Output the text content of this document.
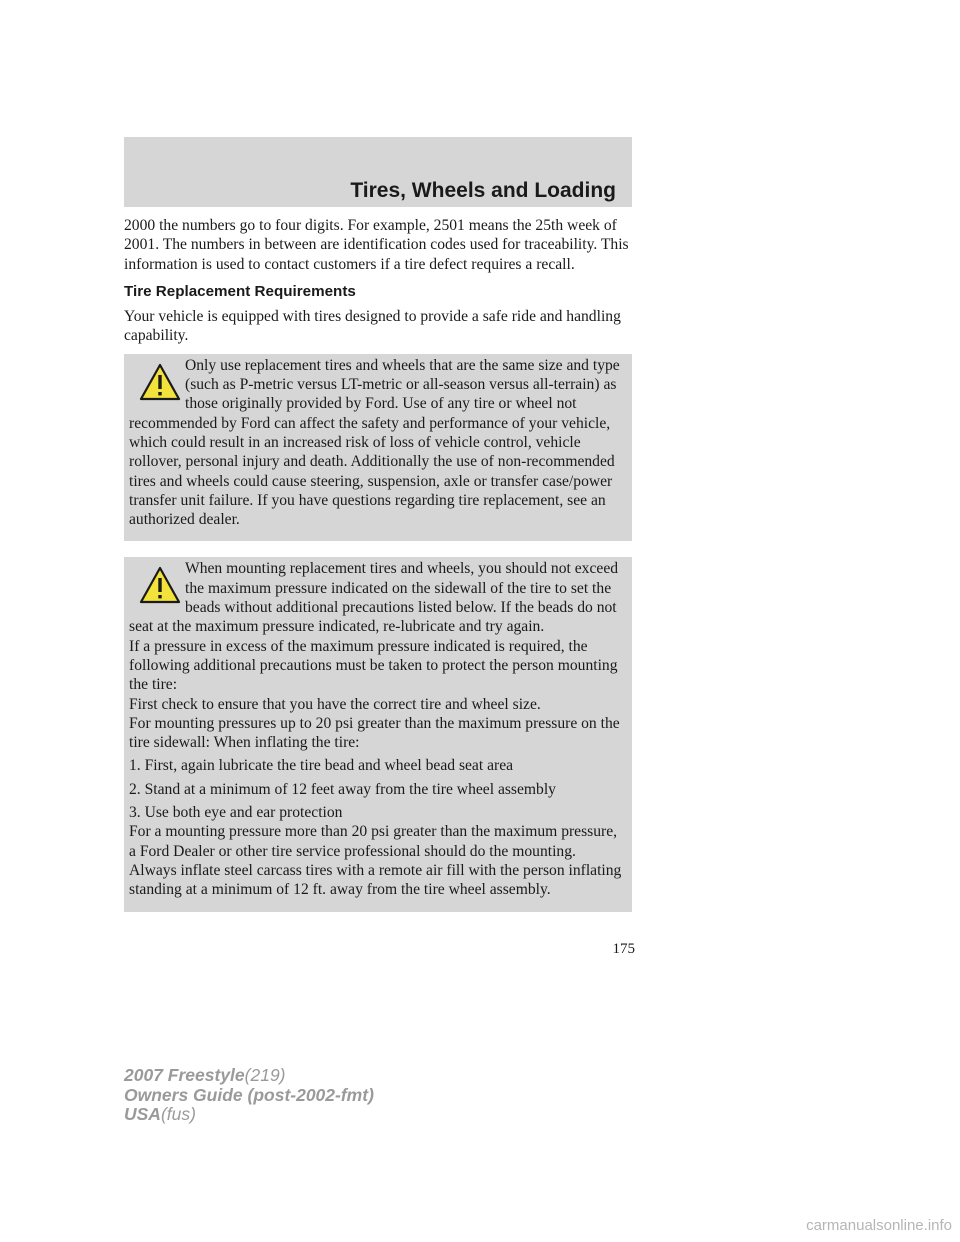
Tires, Wheels and Loading

2000 the numbers go to four digits. For example, 2501 means the 25th week of 2001. The numbers in between are identification codes used for traceability. This information is used to contact customers if a tire defect requires a recall.

Tire Replacement Requirements

Your vehicle is equipped with tires designed to provide a safe ride and handling capability.

Only use replacement tires and wheels that are the same size and type (such as P-metric versus LT-metric or all-season versus all-terrain) as those originally provided by Ford. Use of any tire or wheel not recommended by Ford can affect the safety and performance of your vehicle, which could result in an increased risk of loss of vehicle control, vehicle rollover, personal injury and death. Additionally the use of non-recommended tires and wheels could cause steering, suspension, axle or transfer case/power transfer unit failure. If you have questions regarding tire replacement, see an authorized dealer.

When mounting replacement tires and wheels, you should not exceed the maximum pressure indicated on the sidewall of the tire to set the beads without additional precautions listed below. If the beads do not seat at the maximum pressure indicated, re-lubricate and try again.

If a pressure in excess of the maximum pressure indicated is required, the following additional precautions must be taken to protect the person mounting the tire:

First check to ensure that you have the correct tire and wheel size.

For mounting pressures up to 20 psi greater than the maximum pressure on the tire sidewall: When inflating the tire:

1. First, again lubricate the tire bead and wheel bead seat area

2. Stand at a minimum of 12 feet away from the tire wheel assembly

3. Use both eye and ear protection

For a mounting pressure more than 20 psi greater than the maximum pressure, a Ford Dealer or other tire service professional should do the mounting.

Always inflate steel carcass tires with a remote air fill with the person inflating standing at a minimum of 12 ft. away from the tire wheel assembly.

175
2007 Freestyle(219)
Owners Guide (post-2002-fmt)
USA(fus)
carmanualsonline.info
